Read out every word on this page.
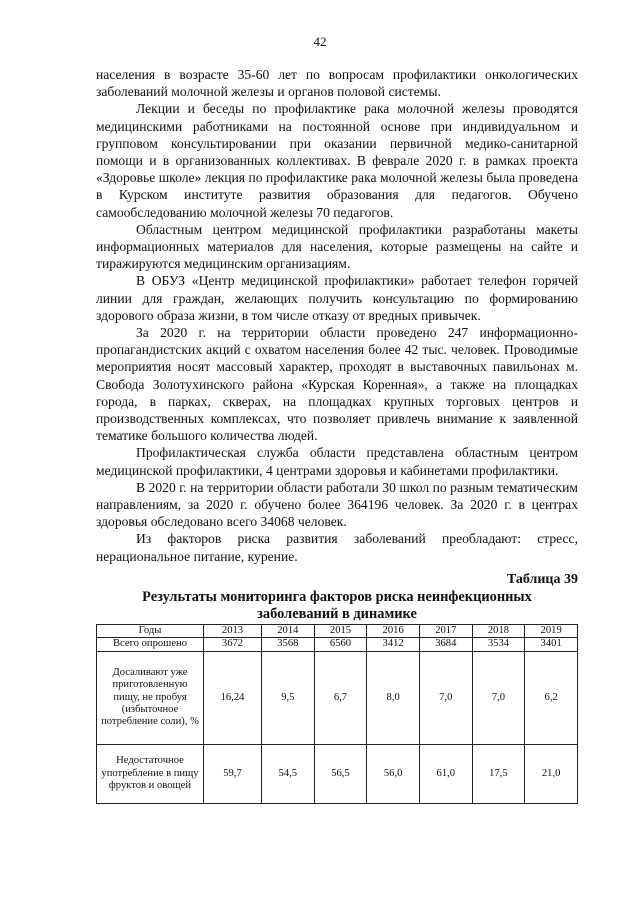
42

населения в возрасте 35-60 лет по вопросам профилактики онкологических заболеваний молочной железы и органов половой системы.

Лекции и беседы по профилактике рака молочной железы проводятся медицинскими работниками на постоянной основе при индивидуальном и групповом консультировании при оказании первичной медико-санитарной помощи и в организованных коллективах. В феврале 2020 г. в рамках проекта «Здоровье школе» лекция по профилактике рака молочной железы была проведена в Курском институте развития образования для педагогов. Обучено самообследованию молочной железы 70 педагогов.

Областным центром медицинской профилактики разработаны макеты информационных материалов для населения, которые размещены на сайте и тиражируются медицинским организациям.

В ОБУЗ «Центр медицинской профилактики» работает телефон горячей линии для граждан, желающих получить консультацию по формированию здорового образа жизни, в том числе отказу от вредных привычек.

За 2020 г. на территории области проведено 247 информационно-пропагандистских акций с охватом населения более 42 тыс. человек. Проводимые мероприятия носят массовый характер, проходят в выставочных павильонах м. Свобода Золотухинского района «Курская Коренная», а также на площадках города, в парках, скверах, на площадках крупных торговых центров и производственных комплексах, что позволяет привлечь внимание к заявленной тематике большого количества людей.

Профилактическая служба области представлена областным центром медицинской профилактики, 4 центрами здоровья и кабинетами профилактики.

В 2020 г. на территории области работали 30 школ по разным тематическим направлениям, за 2020 г. обучено более 364196 человек. За 2020 г. в центрах здоровья обследовано всего 34068 человек.

Из факторов риска развития заболеваний преобладают: стресс, нерациональное питание, курение.

Таблица 39
Результаты мониторинга факторов риска неинфекционных
заболеваний в динамике
Годы	2013	2014	2015	2016	2017	2018	2019
Всего опрошено	3672	3568	6560	3412	3684	3534	3401
Досаливают уже приготовленную пищу, не пробуя (избыточное потребление соли), %	16,24	9,5	6,7	8,0	7,0	7,0	6,2
Недостаточное употребление в пищу фруктов и овощей	59,7	54,5	56,5	56,0	61,0	17,5	21,0
